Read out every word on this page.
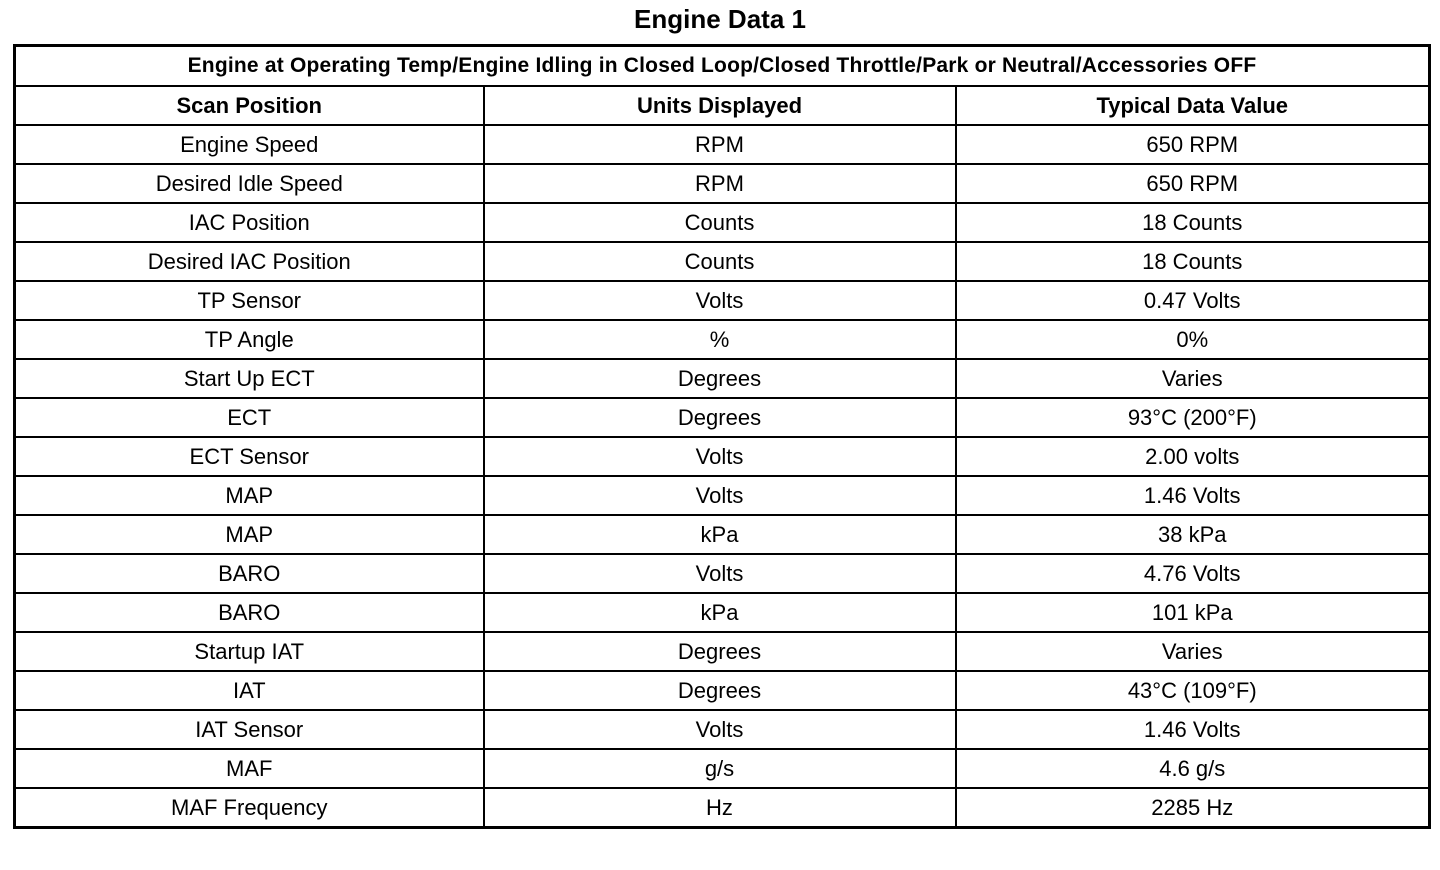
Engine Data 1
Engine at Operating Temp/Engine Idling in Closed Loop/Closed Throttle/Park or Neutral/Accessories OFF		
Scan Position	Units Displayed	Typical Data Value
Engine Speed	RPM	650 RPM
Desired Idle Speed	RPM	650 RPM
IAC Position	Counts	18 Counts
Desired IAC Position	Counts	18 Counts
TP Sensor	Volts	0.47 Volts
TP Angle	%	0%
Start Up ECT	Degrees	Varies
ECT	Degrees	93°C (200°F)
ECT Sensor	Volts	2.00 volts
MAP	Volts	1.46 Volts
MAP	kPa	38 kPa
BARO	Volts	4.76 Volts
BARO	kPa	101 kPa
Startup IAT	Degrees	Varies
IAT	Degrees	43°C (109°F)
IAT Sensor	Volts	1.46 Volts
MAF	g/s	4.6 g/s
MAF Frequency	Hz	2285 Hz
